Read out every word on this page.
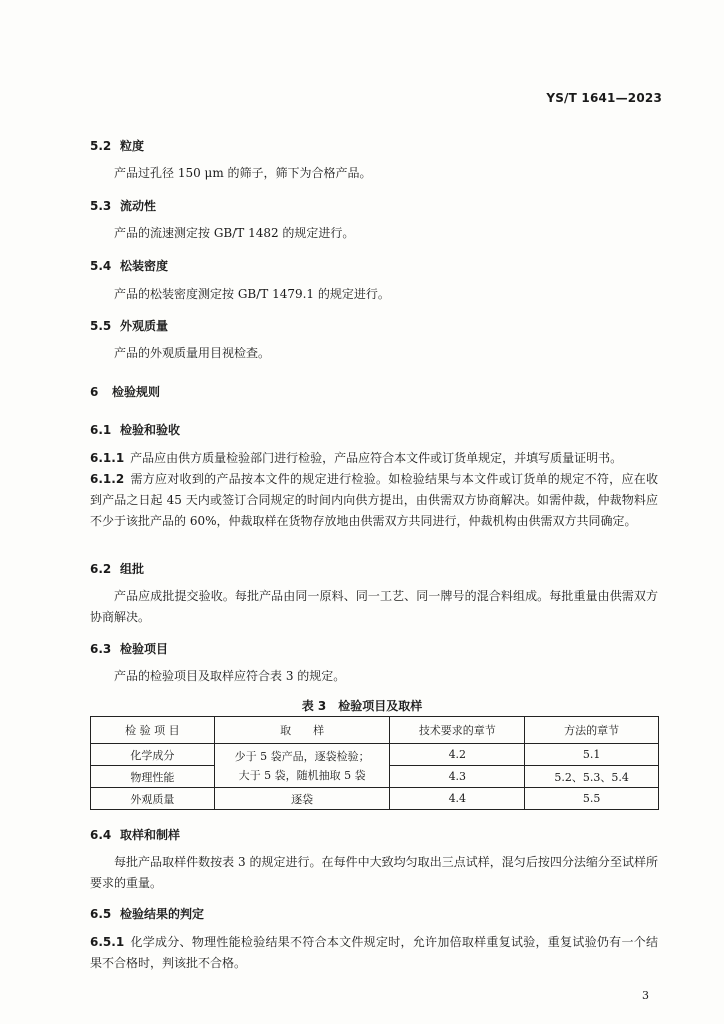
YS/T 1641—2023
5.2 粒度
产品过孔径 150 μm 的筛子，筛下为合格产品。
5.3 流动性
产品的流速测定按 GB/T 1482 的规定进行。
5.4 松装密度
产品的松装密度测定按 GB/T 1479.1 的规定进行。
5.5 外观质量
产品的外观质量用目视检查。
6 检验规则
6.1 检验和验收
6.1.1 产品应由供方质量检验部门进行检验，产品应符合本文件或订货单规定，并填写质量证明书。
6.1.2 需方应对收到的产品按本文件的规定进行检验。如检验结果与本文件或订货单的规定不符，应在收到产品之日起 45 天内或签订合同规定的时间内向供方提出，由供需双方协商解决。如需仲裁，仲裁物料应不少于该批产品的 60%，仲裁取样在货物存放地由供需双方共同进行，仲裁机构由供需双方共同确定。
6.2 组批
产品应成批提交验收。每批产品由同一原料、同一工艺、同一牌号的混合料组成。每批重量由供需双方协商解决。
6.3 检验项目
产品的检验项目及取样应符合表 3 的规定。
表 3　检验项目及取样
检 验 项 目	取　　样	技术要求的章节	方法的章节
化学成分	少于 5 袋产品，逐袋检验；
大于 5 袋，随机抽取 5 袋	4.2	5.1
物理性能		4.3	5.2、5.3、5.4
外观质量	逐袋	4.4	5.5
6.4 取样和制样
每批产品取样件数按表 3 的规定进行。在每件中大致均匀取出三点试样，混匀后按四分法缩分至试样所要求的重量。
6.5 检验结果的判定
6.5.1 化学成分、物理性能检验结果不符合本文件规定时，允许加倍取样重复试验，重复试验仍有一个结果不合格时，判该批不合格。
3
